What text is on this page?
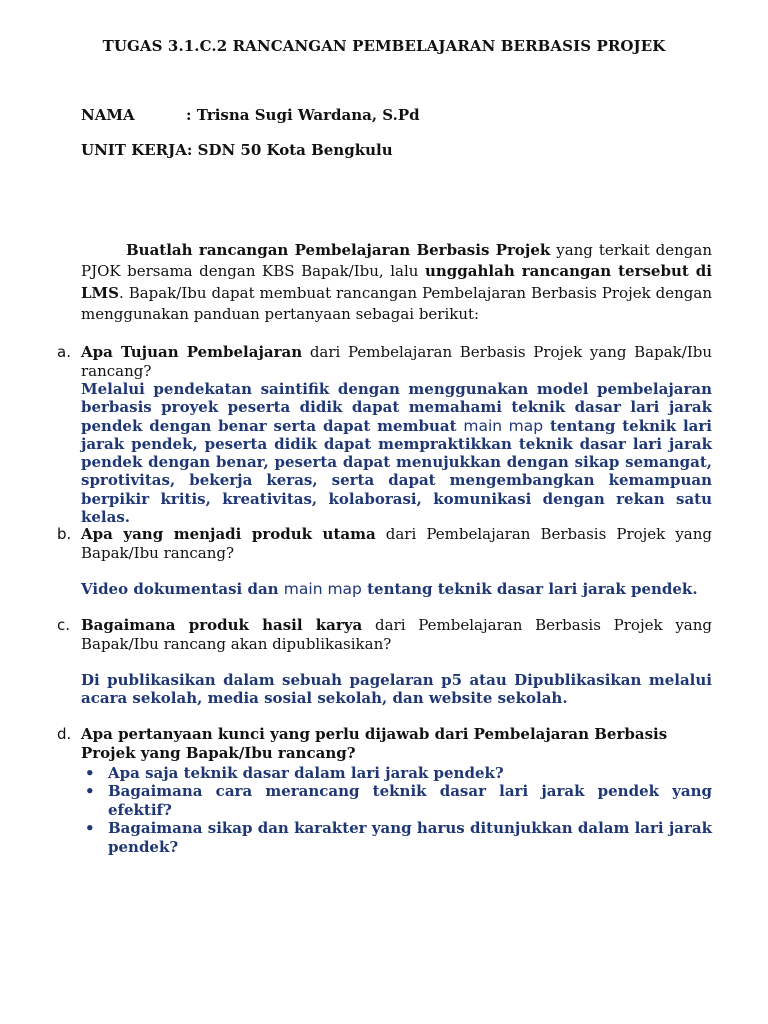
TUGAS 3.1.C.2 RANCANGAN PEMBELAJARAN BERBASIS PROJEK
NAMA	: Trisna Sugi Wardana, S.Pd
UNIT KERJA: SDN 50 Kota Bengkulu
Buatlah rancangan Pembelajaran Berbasis Projek yang terkait dengan PJOK bersama dengan KBS Bapak/Ibu, lalu unggahlah rancangan tersebut di LMS. Bapak/Ibu dapat membuat rancangan Pembelajaran Berbasis Projek dengan menggunakan panduan pertanyaan sebagai berikut:
a. Apa Tujuan Pembelajaran dari Pembelajaran Berbasis Projek yang Bapak/Ibu rancang?
Melalui pendekatan saintifik dengan menggunakan model pembelajaran berbasis proyek peserta didik dapat memahami teknik dasar lari jarak pendek dengan benar serta dapat membuat main map tentang teknik lari jarak pendek, peserta didik dapat mempraktikkan teknik dasar lari jarak pendek dengan benar, peserta dapat menujukkan dengan sikap semangat, sprotivitas, bekerja keras, serta dapat mengembangkan kemampuan berpikir kritis, kreativitas, kolaborasi, komunikasi dengan rekan satu kelas.
b. Apa yang menjadi produk utama dari Pembelajaran Berbasis Projek yang Bapak/Ibu rancang?
Video dokumentasi dan main map tentang teknik dasar lari jarak pendek.
c. Bagaimana produk hasil karya dari Pembelajaran Berbasis Projek yang Bapak/Ibu rancang akan dipublikasikan?
Di publikasikan dalam sebuah pagelaran p5 atau Dipublikasikan melalui acara sekolah, media sosial sekolah, dan website sekolah.
d. Apa pertanyaan kunci yang perlu dijawab dari Pembelajaran Berbasis Projek yang Bapak/Ibu rancang?
• Apa saja teknik dasar dalam lari jarak pendek?
• Bagaimana cara merancang teknik dasar lari jarak pendek yang efektif?
• Bagaimana sikap dan karakter yang harus ditunjukkan dalam lari jarak pendek?
